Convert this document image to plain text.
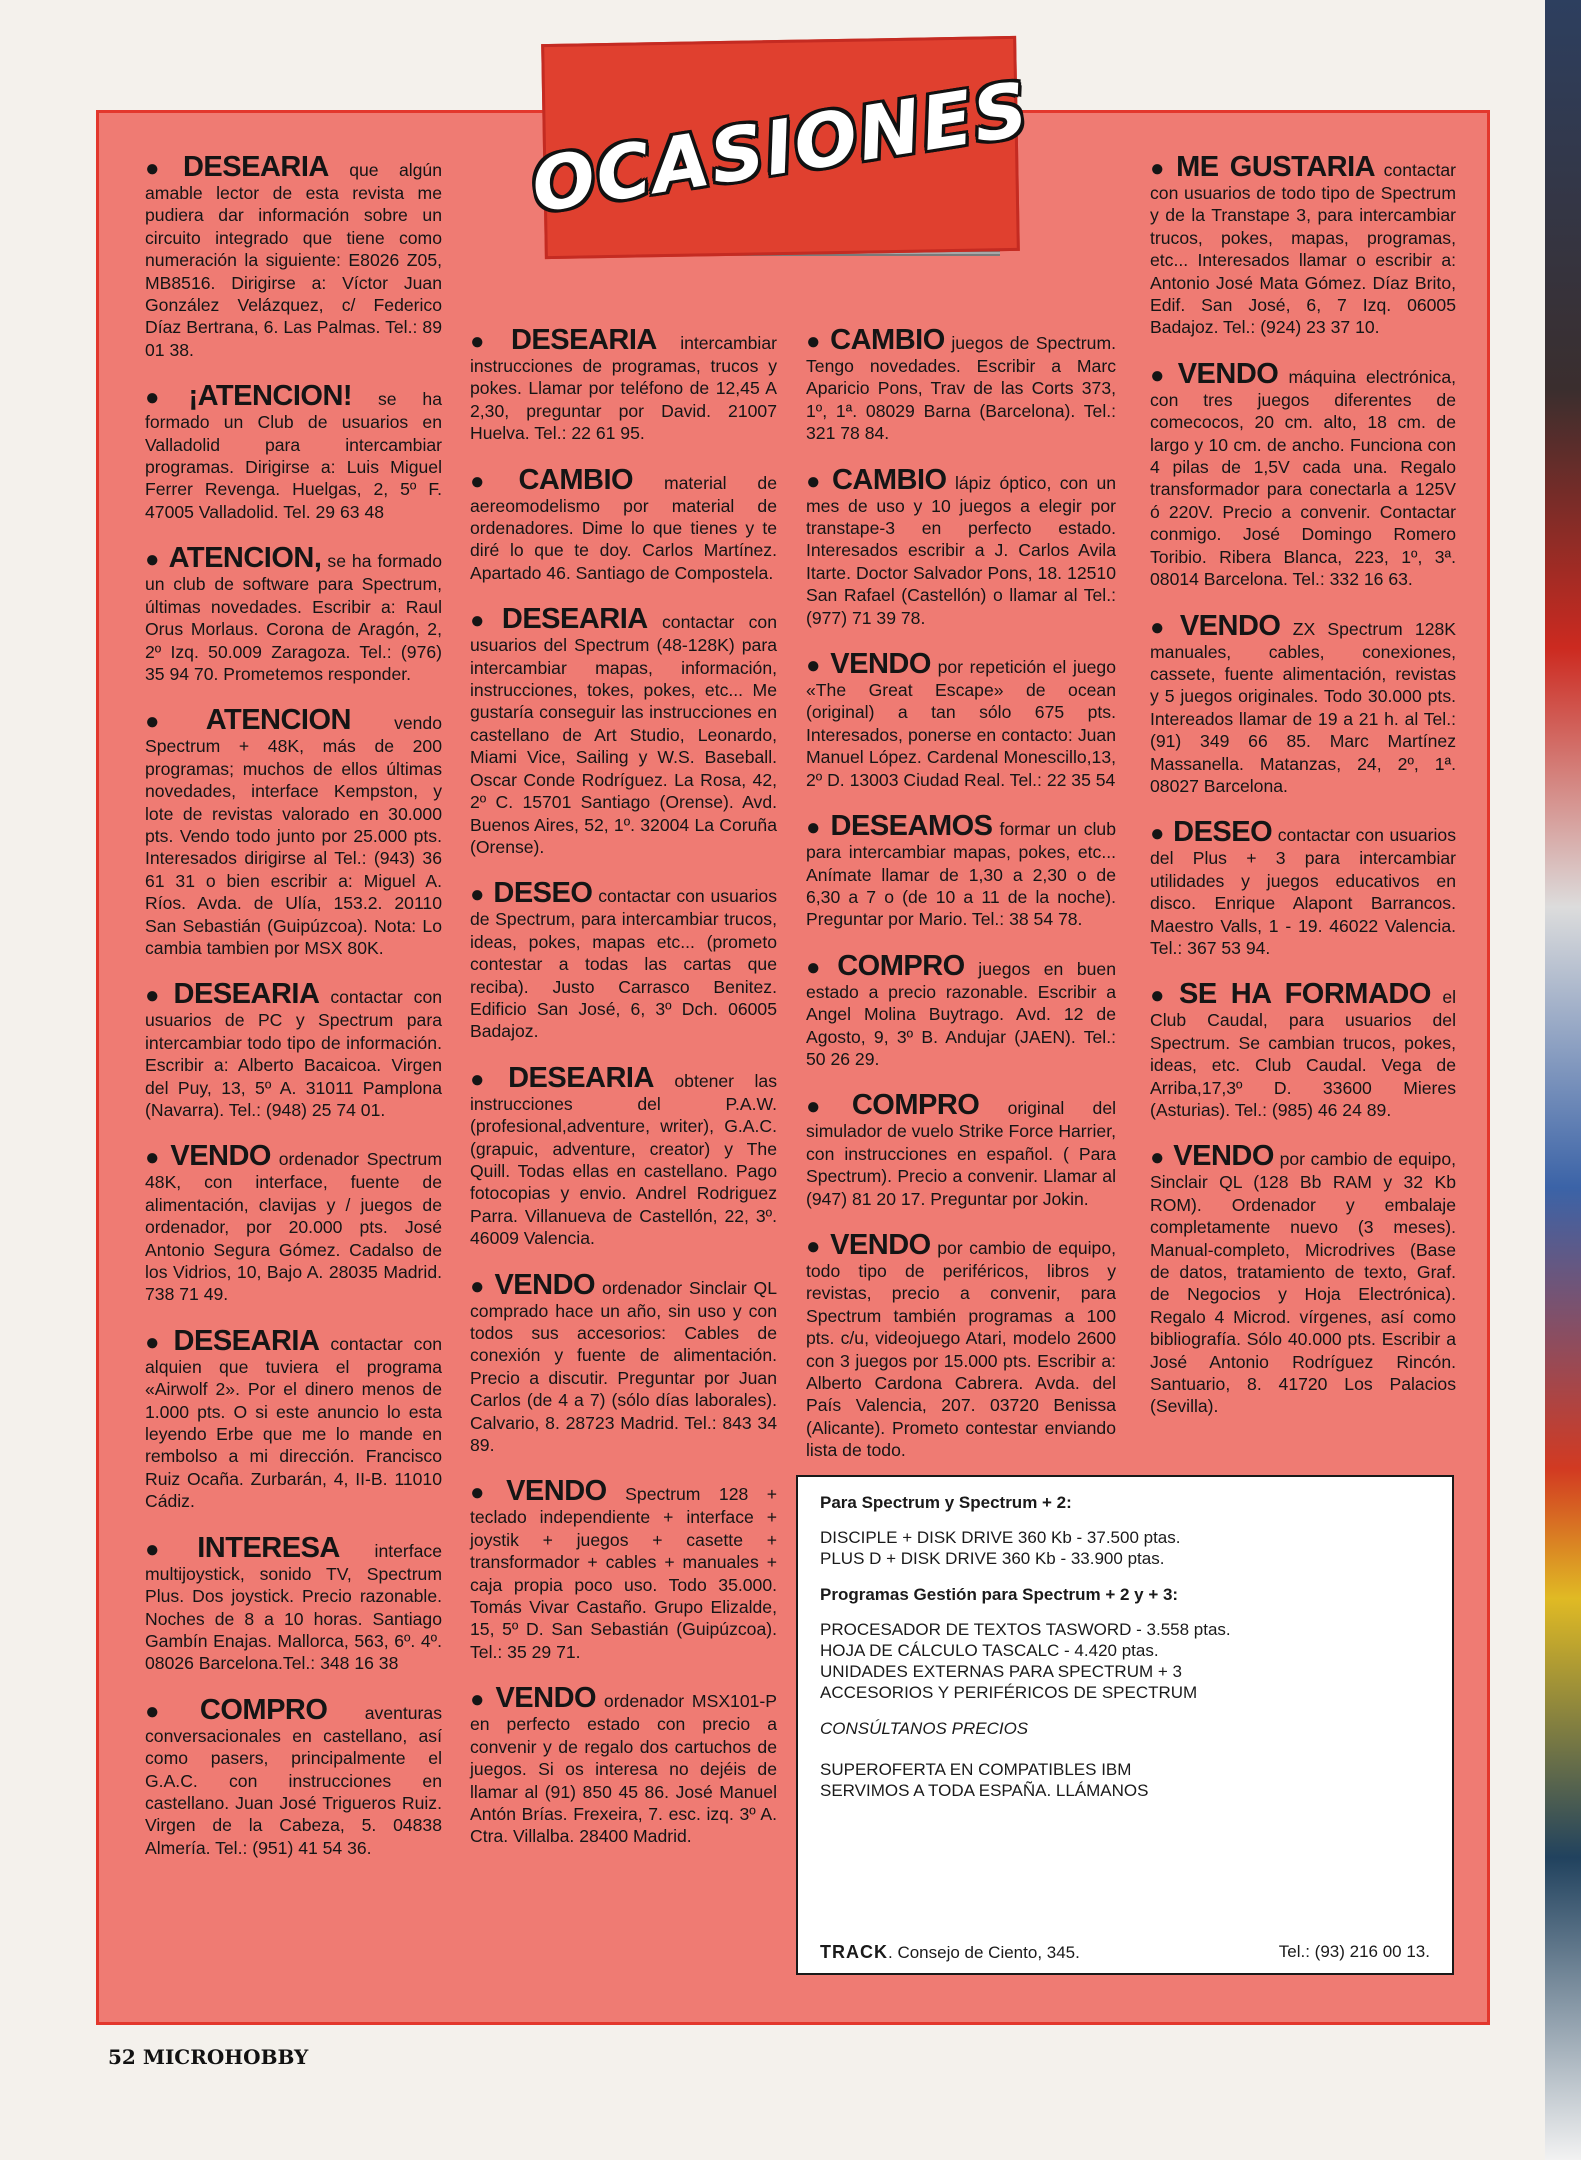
OCASIONES

● DESEARIA que algún amable lector de esta revista me pudiera dar información sobre un circuito integrado que tiene como numeración la siguiente: E8026 Z05, MB8516. Dirigirse a: Víctor Juan González Velázquez, c/ Federico Díaz Bertrana, 6. Las Palmas. Tel.: 89 01 38.

● ¡ATENCION! se ha formado un Club de usuarios en Valladolid para intercambiar programas. Dirigirse a: Luis Miguel Ferrer Revenga. Huelgas, 2, 5º F. 47005 Valladolid. Tel. 29 63 48

● ATENCION, se ha formado un club de software para Spectrum, últimas novedades. Escribir a: Raul Orus Morlaus. Corona de Aragón, 2, 2º Izq. 50.009 Zaragoza. Tel.: (976) 35 94 70. Prometemos responder.

● ATENCION vendo Spectrum + 48K, más de 200 programas; muchos de ellos últimas novedades, interface Kempston, y lote de revistas valorado en 30.000 pts. Vendo todo junto por 25.000 pts. Interesados dirigirse al Tel.: (943) 36 61 31 o bien escribir a: Miguel A. Ríos. Avda. de Ulía, 153.2. 20110 San Sebastián (Guipúzcoa). Nota: Lo cambia tambien por MSX 80K.

● DESEARIA contactar con usuarios de PC y Spectrum para intercambiar todo tipo de información. Escribir a: Alberto Bacaicoa. Virgen del Puy, 13, 5º A. 31011 Pamplona (Navarra). Tel.: (948) 25 74 01.

● VENDO ordenador Spectrum 48K, con interface, fuente de alimentación, clavijas y / juegos de ordenador, por 20.000 pts. José Antonio Segura Gómez. Cadalso de los Vidrios, 10, Bajo A. 28035 Madrid. 738 71 49.

● DESEARIA contactar con alquien que tuviera el programa «Airwolf 2». Por el dinero menos de 1.000 pts. O si este anuncio lo esta leyendo Erbe que me lo mande en rembolso a mi dirección. Francisco Ruiz Ocaña. Zurbarán, 4, II-B. 11010 Cádiz.

● INTERESA interface multijoystick, sonido TV, Spectrum Plus. Dos joystick. Precio razonable. Noches de 8 a 10 horas. Santiago Gambín Enajas. Mallorca, 563, 6º. 4º. 08026 Barcelona.Tel.: 348 16 38

● COMPRO aventuras conversacionales en castellano, así como pasers, principalmente el G.A.C. con instrucciones en castellano. Juan José Trigueros Ruiz. Virgen de la Cabeza, 5. 04838 Almería. Tel.: (951) 41 54 36.

● DESEARIA intercambiar instrucciones de programas, trucos y pokes. Llamar por teléfono de 12,45 A 2,30, preguntar por David. 21007 Huelva. Tel.: 22 61 95.

● CAMBIO material de aereomodelismo por material de ordenadores. Dime lo que tienes y te diré lo que te doy. Carlos Martínez. Apartado 46. Santiago de Compostela.

● DESEARIA contactar con usuarios del Spectrum (48-128K) para intercambiar mapas, información, instrucciones, tokes, pokes, etc... Me gustaría conseguir las instrucciones en castellano de Art Studio, Leonardo, Miami Vice, Sailing y W.S. Baseball. Oscar Conde Rodríguez. La Rosa, 42, 2º C. 15701 Santiago (Orense). Avd. Buenos Aires, 52, 1º. 32004 La Coruña (Orense).

● DESEO contactar con usuarios de Spectrum, para intercambiar trucos, ideas, pokes, mapas etc... (prometo contestar a todas las cartas que reciba). Justo Carrasco Benitez. Edificio San José, 6, 3º Dch. 06005 Badajoz.

● DESEARIA obtener las instrucciones del P.A.W. (profesional,adventure, writer), G.A.C. (grapuic, adventure, creator) y The Quill. Todas ellas en castellano. Pago fotocopias y envio. Andrel Rodriguez Parra. Villanueva de Castellón, 22, 3º. 46009 Valencia.

● VENDO ordenador Sinclair QL comprado hace un año, sin uso y con todos sus accesorios: Cables de conexión y fuente de alimentación. Precio a discutir. Preguntar por Juan Carlos (de 4 a 7) (sólo días laborales). Calvario, 8. 28723 Madrid. Tel.: 843 34 89.

● VENDO Spectrum 128 + teclado independiente + interface + joystik + juegos + casette + transformador + cables + manuales + caja propia poco uso. Todo 35.000. Tomás Vivar Castaño. Grupo Elizalde, 15, 5º D. San Sebastián (Guipúzcoa). Tel.: 35 29 71.

● VENDO ordenador MSX101-P en perfecto estado con precio a convenir y de regalo dos cartuchos de juegos. Si os interesa no dejéis de llamar al (91) 850 45 86. José Manuel Antón Brías. Frexeira, 7. esc. izq. 3º A. Ctra. Villalba. 28400 Madrid.

● CAMBIO juegos de Spectrum. Tengo novedades. Escribir a Marc Aparicio Pons, Trav de las Corts 373, 1º, 1ª. 08029 Barna (Barcelona). Tel.: 321 78 84.

● CAMBIO lápiz óptico, con un mes de uso y 10 juegos a elegir por transtape-3 en perfecto estado. Interesados escribir a J. Carlos Avila Itarte. Doctor Salvador Pons, 18. 12510 San Rafael (Castellón) o llamar al Tel.: (977) 71 39 78.

● VENDO por repetición el juego «The Great Escape» de ocean (original) a tan sólo 675 pts. Interesados, ponerse en contacto: Juan Manuel López. Cardenal Monescillo,13, 2º D. 13003 Ciudad Real. Tel.: 22 35 54

● DESEAMOS formar un club para intercambiar mapas, pokes, etc... Anímate llamar de 1,30 a 2,30 o de 6,30 a 7 o (de 10 a 11 de la noche). Preguntar por Mario. Tel.: 38 54 78.

● COMPRO juegos en buen estado a precio razonable. Escribir a Angel Molina Buytrago. Avd. 12 de Agosto, 9, 3º B. Andujar (JAEN). Tel.: 50 26 29.

● COMPRO original del simulador de vuelo Strike Force Harrier, con instrucciones en español. ( Para Spectrum). Precio a convenir. Llamar al (947) 81 20 17. Preguntar por Jokin.

● VENDO por cambio de equipo, todo tipo de periféricos, libros y revistas, precio a convenir, para Spectrum también programas a 100 pts. c/u, videojuego Atari, modelo 2600 con 3 juegos por 15.000 pts. Escribir a: Alberto Cardona Cabrera. Avda. del País Valencia, 207. 03720 Benissa (Alicante). Prometo contestar enviando lista de todo.

● ME GUSTARIA contactar con usuarios de todo tipo de Spectrum y de la Transtape 3, para intercambiar trucos, pokes, mapas, programas, etc... Interesados llamar o escribir a: Antonio José Mata Gómez. Díaz Brito, Edif. San José, 6, 7 Izq. 06005 Badajoz. Tel.: (924) 23 37 10.

● VENDO máquina electrónica, con tres juegos diferentes de comecocos, 20 cm. alto, 18 cm. de largo y 10 cm. de ancho. Funciona con 4 pilas de 1,5V cada una. Regalo transformador para conectarla a 125V ó 220V. Precio a convenir. Contactar conmigo. José Domingo Romero Toribio. Ribera Blanca, 223, 1º, 3ª. 08014 Barcelona. Tel.: 332 16 63.

● VENDO ZX Spectrum 128K manuales, cables, conexiones, cassete, fuente alimentación, revistas y 5 juegos originales. Todo 30.000 pts. Intereados llamar de 19 a 21 h. al Tel.: (91) 349 66 85. Marc Martínez Massanella. Matanzas, 24, 2º, 1ª. 08027 Barcelona.

● DESEO contactar con usuarios del Plus + 3 para intercambiar utilidades y juegos educativos en disco. Enrique Alapont Barrancos. Maestro Valls, 1 - 19. 46022 Valencia. Tel.: 367 53 94.

● SE HA FORMADO el Club Caudal, para usuarios del Spectrum. Se cambian trucos, pokes, ideas, etc. Club Caudal. Vega de Arriba,17,3º D. 33600 Mieres (Asturias). Tel.: (985) 46 24 89.

● VENDO por cambio de equipo, Sinclair QL (128 Bb RAM y 32 Kb ROM). Ordenador y embalaje completamente nuevo (3 meses). Manual-completo, Microdrives (Base de datos, tratamiento de texto, Graf. de Negocios y Hoja Electrónica). Regalo 4 Microd. vírgenes, así como bibliografía. Sólo 40.000 pts. Escribir a José Antonio Rodríguez Rincón. Santuario, 8. 41720 Los Palacios (Sevilla).

Para Spectrum y Spectrum + 2:
DISCIPLE + DISK DRIVE 360 Kb - 37.500 ptas.
PLUS D + DISK DRIVE 360 Kb - 33.900 ptas.
Programas Gestión para Spectrum + 2 y + 3:
PROCESADOR DE TEXTOS TASWORD - 3.558 ptas.
HOJA DE CÁLCULO TASCALC - 4.420 ptas.
UNIDADES EXTERNAS PARA SPECTRUM + 3
ACCESORIOS Y PERIFÉRICOS DE SPECTRUM
CONSÚLTANOS PRECIOS
SUPEROFERTA EN COMPATIBLES IBM
SERVIMOS A TODA ESPAÑA. LLÁMANOS
TRACK. Consejo de Ciento, 345.	Tel.: (93) 216 00 13.
52 MICROHOBBY
